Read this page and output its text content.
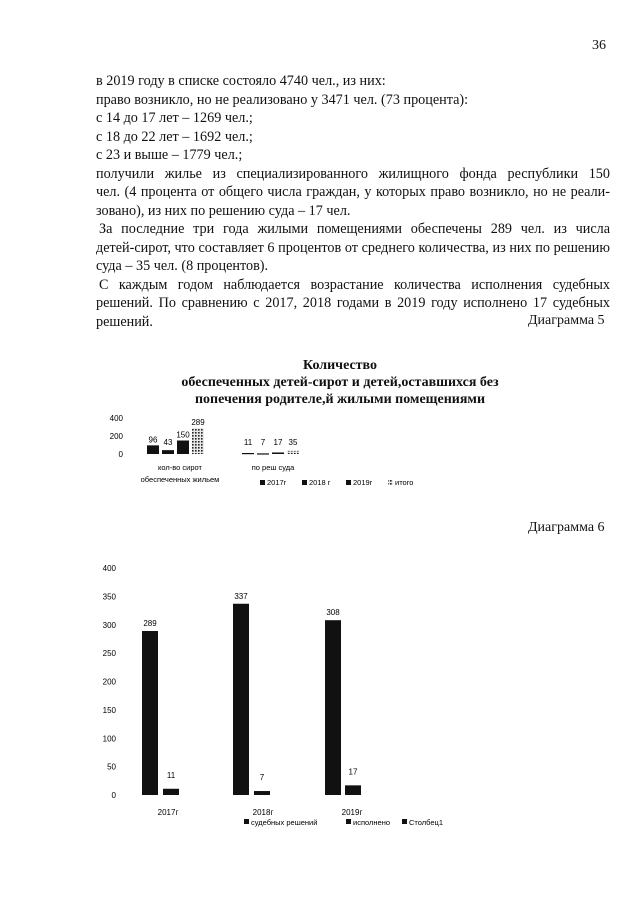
36
в 2019 году в списке состояло 4740 чел., из них:
право возникло, но не реализовано у 3471 чел. (73 процента):
с 14 до 17 лет – 1269 чел.;
с 18 до 22 лет – 1692 чел.;
с 23 и выше – 1779 чел.;
получили жилье из специализированного жилищного фонда республики 150
чел. (4 процента от общего числа граждан, у которых право возникло, но не реали-
зовано), из них по решению суда – 17 чел.
За последние три года жилыми помещениями обеспечены 289 чел. из числа
детей-сирот, что составляет 6 процентов от среднего количества, из них по решению
суда – 35 чел. (8 процентов).
С каждым годом наблюдается возрастание количества исполнения судебных
решений. По сравнению с 2017, 2018 годами в 2019 году исполнено 17 судебных
решений.	Диаграмма 5
Количество
обеспеченных детей-сирот и детей,оставшихся без
попечения родителе,й жилыми помещениями
0
200
400
96 43
150
289
кол-во сирот
обеспеченных жильем
11 7 17 35
по реш суда
2017г	2018 г	2019г	итого
Диаграмма 6
0
50
100
150
200
250
300
350
400
289
11
2017г
337
7
2018г
308
17
2019г
судебных решений	исполнено	Столбец1
